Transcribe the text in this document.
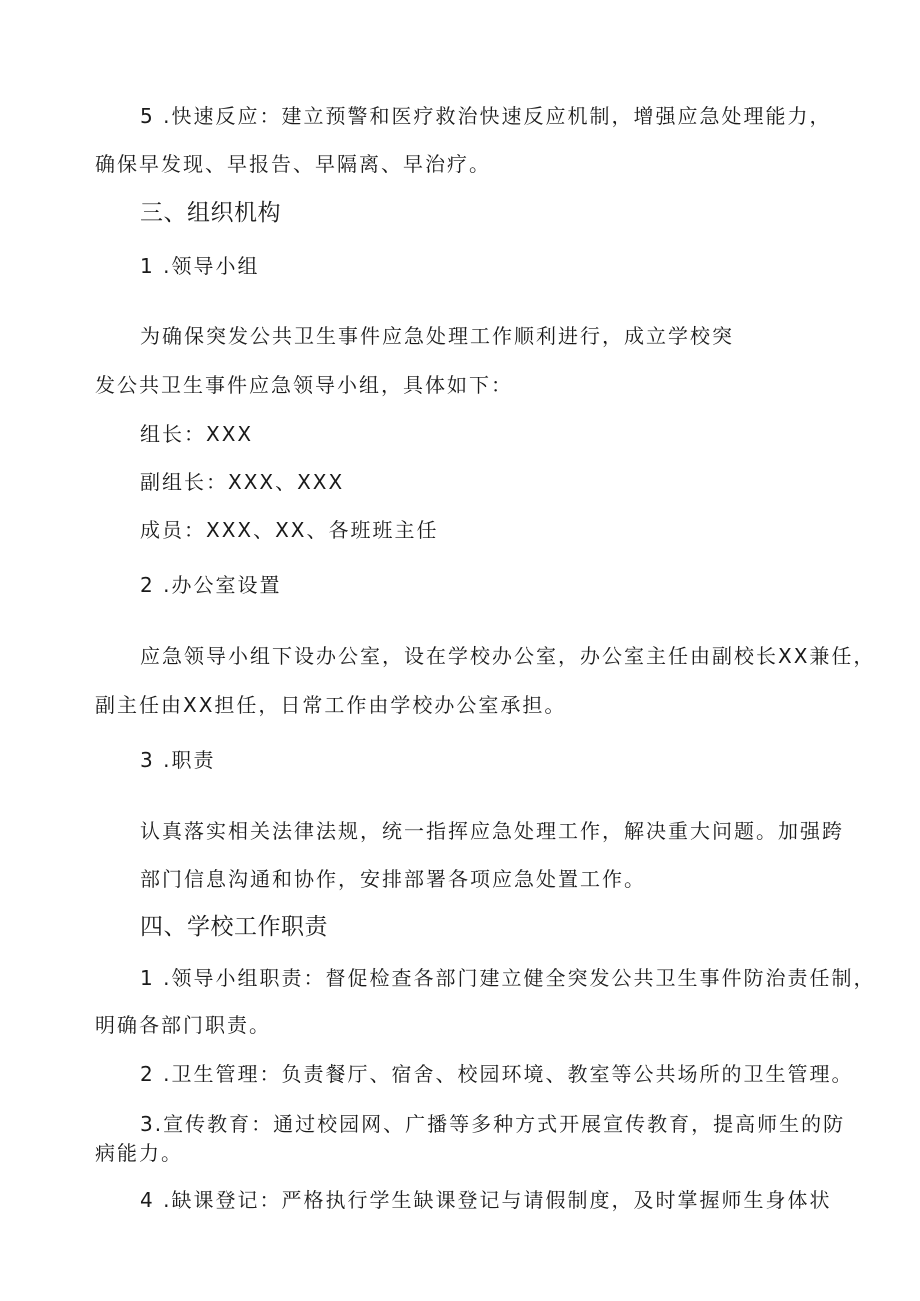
5 .快速反应：建立预警和医疗救治快速反应机制，增强应急处理能力，
确保早发现、早报告、早隔离、早治疗。
三、组织机构
1 .领导小组
为确保突发公共卫生事件应急处理工作顺利进行，成立学校突
发公共卫生事件应急领导小组，具体如下：
组长：XXX
副组长：XXX、XXX
成员：XXX、XX、各班班主任
2 .办公室设置
应急领导小组下设办公室，设在学校办公室，办公室主任由副校长XX兼任，
副主任由XX担任，日常工作由学校办公室承担。
3 .职责
认真落实相关法律法规，统一指挥应急处理工作，解决重大问题。加强跨
部门信息沟通和协作，安排部署各项应急处置工作。
四、学校工作职责
1 .领导小组职责：督促检查各部门建立健全突发公共卫生事件防治责任制，
明确各部门职责。
2 .卫生管理：负责餐厅、宿舍、校园环境、教室等公共场所的卫生管理。
3.宣传教育：通过校园网、广播等多种方式开展宣传教育，提高师生的防
病能力。
4 .缺课登记：严格执行学生缺课登记与请假制度，及时掌握师生身体状
